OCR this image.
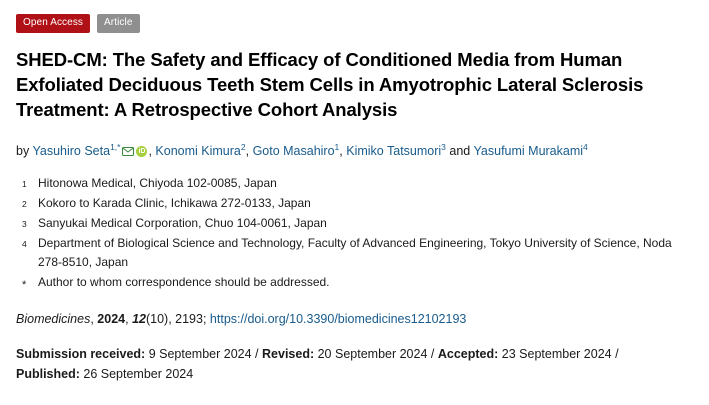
Open Access	Article
SHED-CM: The Safety and Efficacy of Conditioned Media from Human Exfoliated Deciduous Teeth Stem Cells in Amyotrophic Lateral Sclerosis Treatment: A Retrospective Cohort Analysis
by Yasuhiro Seta$^{1,*}$ iD , Konomi Kimura$^2$, Goto Masahiro$^1$, Kimiko Tatsumori$^3$ and Yasufumi Murakami$^4$
1 Hitonowa Medical, Chiyoda 102-0085, Japan
2 Kokoro to Karada Clinic, Ichikawa 272-0133, Japan
3 Sanyukai Medical Corporation, Chuo 104-0061, Japan
4 Department of Biological Science and Technology, Faculty of Advanced Engineering, Tokyo University of Science, Noda 278-8510, Japan
* Author to whom correspondence should be addressed.
Biomedicines, 2024, 12(10), 2193; https://doi.org/10.3390/biomedicines12102193
Submission received: 9 September 2024 / Revised: 20 September 2024 / Accepted: 23 September 2024 / Published: 26 September 2024
